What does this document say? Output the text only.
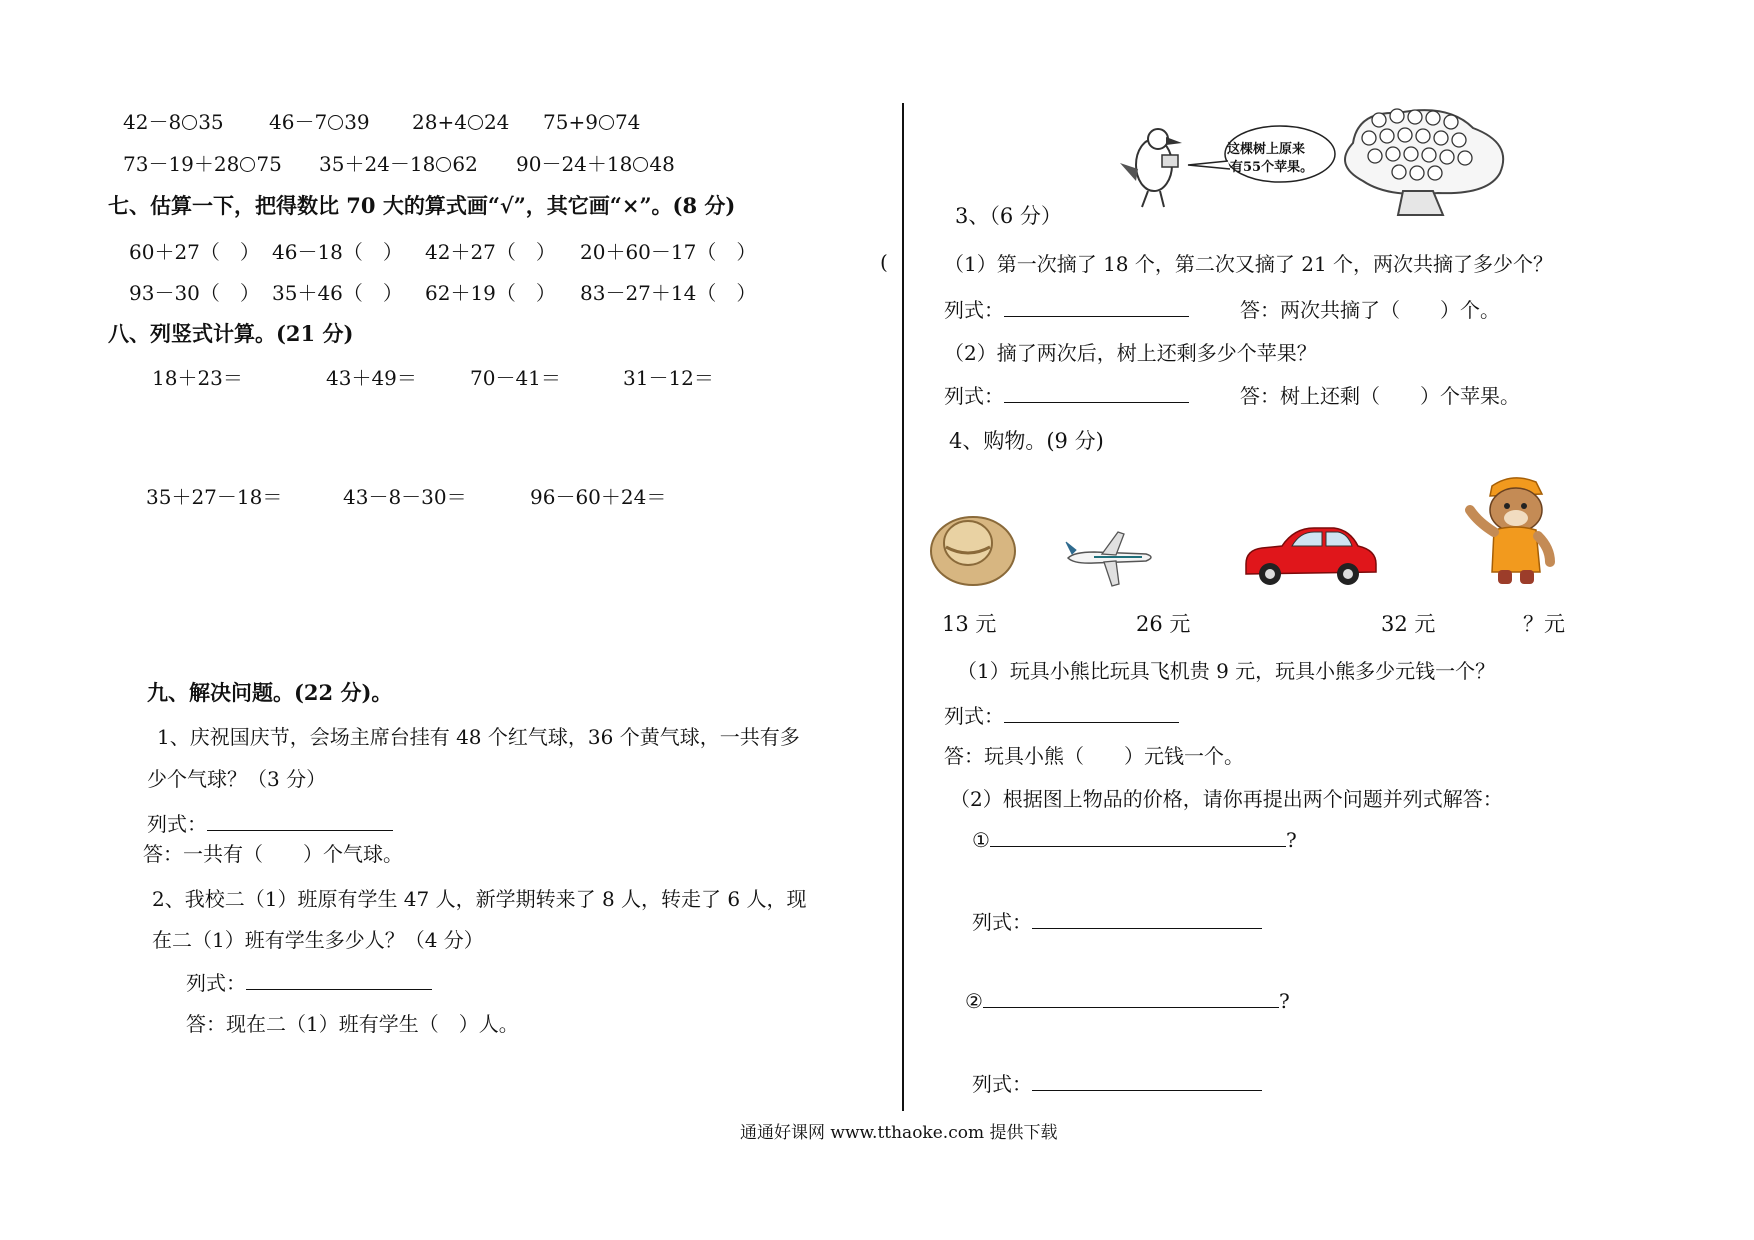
42－8 35 46－7 39 28+4 24 75+9 74
73－19＋28 75 35＋24－18 62 90－24＋18 48
七、估算一下，把得数比 70 大的算式画“√”，其它画“×”。(8 分)
60＋27（　） 46－18（　） 42＋27（　） 20＋60－17（　）
93－30（　） 35＋46（　） 62＋19（　） 83－27＋14（　）
八、列竖式计算。(21 分)
18＋23＝	43＋49＝	70－41＝	31－12＝
35＋27－18＝	43－8－30＝	96－60＋24＝
九、解决问题。(22 分)。
1、庆祝国庆节，会场主席台挂有 48 个红气球，36 个黄气球，一共有多
少个气球？（3 分）
列式：
答：一共有（　　）个气球。
2、我校二（1）班原有学生 47 人，新学期转来了 8 人，转走了 6 人，现
在二（1）班有学生多少人？（4 分）
列式：
答：现在二（1）班有学生（　）人。
(
3、（6 分）
这棵树上原来
有55个苹果。
（1）第一次摘了 18 个，第二次又摘了 21 个，两次共摘了多少个？
列式：	答：两次共摘了（　　）个。
（2）摘了两次后，树上还剩多少个苹果？
列式：	答：树上还剩（　　）个苹果。
4、购物。(9 分)
13 元	26 元	32 元	？元
（1）玩具小熊比玩具飞机贵 9 元，玩具小熊多少元钱一个？
列式：
答：玩具小熊（　　）元钱一个。
（2）根据图上物品的价格，请你再提出两个问题并列式解答：
①	?
列式：
②	?
列式：
通通好课网 www.tthaoke.com 提供下载
